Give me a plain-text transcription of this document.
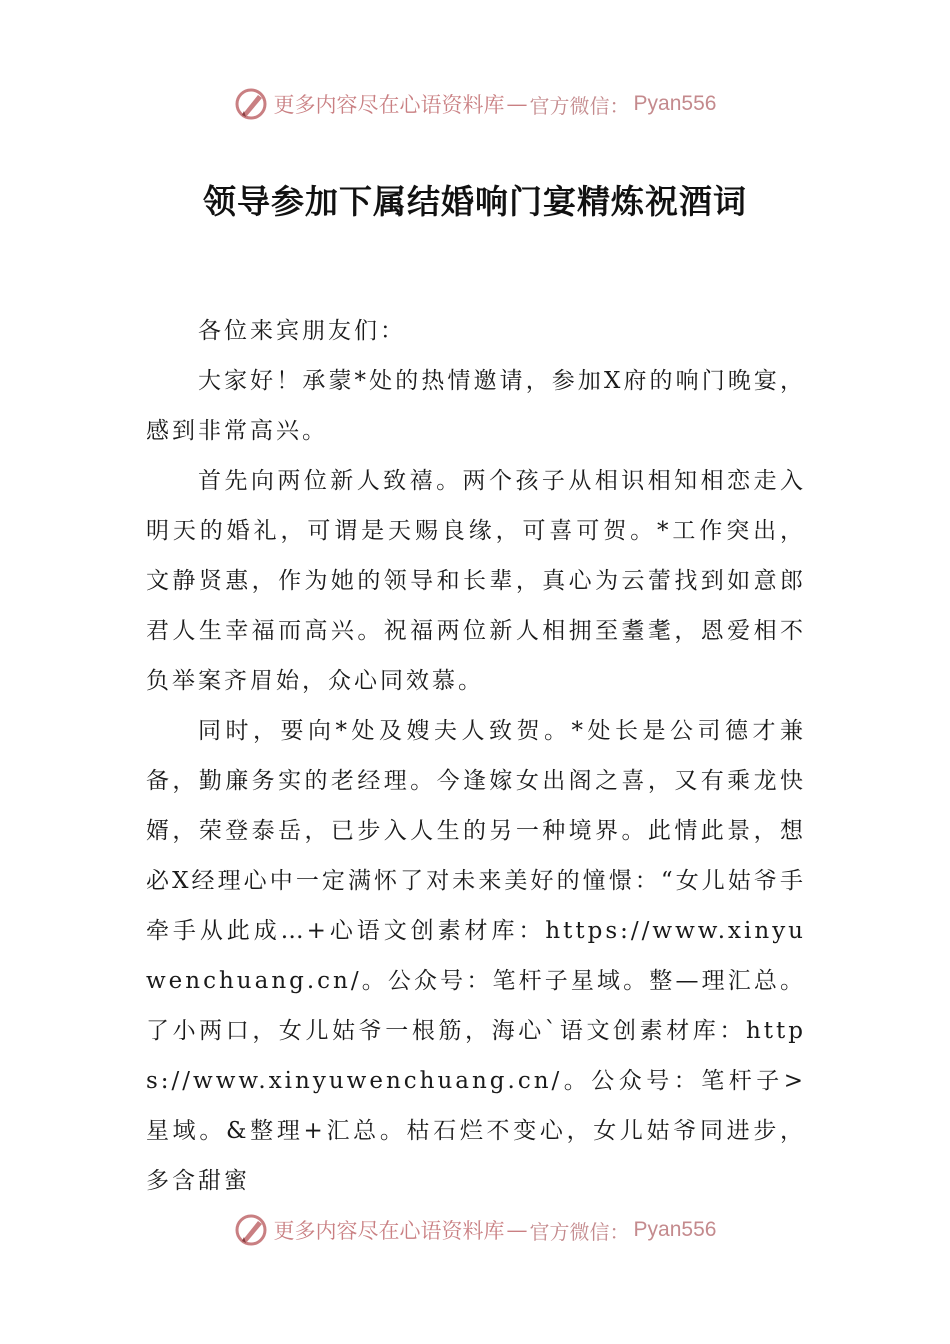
更多内容尽在心语资料库 — 官方微信： Pyan556
领导参加下属结婚响门宴精炼祝酒词

各位来宾朋友们：

大家好！承蒙*处的热情邀请，参加X府的响门晚宴，感到非常高兴。

首先向两位新人致禧。两个孩子从相识相知相恋走入明天的婚礼，可谓是天赐良缘，可喜可贺。*工作突出，文静贤惠，作为她的领导和长辈，真心为云蕾找到如意郎君人生幸福而高兴。祝福两位新人相拥至耋耄，恩爱相不负举案齐眉始，众心同效慕。

同时，要向*处及嫂夫人致贺。*处长是公司德才兼备，勤廉务实的老经理。今逢嫁女出阁之喜，又有乘龙快婿，荣登泰岳，已步入人生的另一种境界。此情此景，想必X经理心中一定满怀了对未来美好的憧憬：“女儿姑爷手牵手从此成…+心语文创素材库：https://www.xinyuwenchuang.cn/。公众号：笔杆子星域。整—理汇总。了小两口，女儿姑爷一根筋，海心`语文创素材库：https://www.xinyuwenchuang.cn/。公众号：笔杆子>星域。&整理+汇总。枯石烂不变心，女儿姑爷同进步，多含甜蜜

更多内容尽在心语资料库 — 官方微信： Pyan556
